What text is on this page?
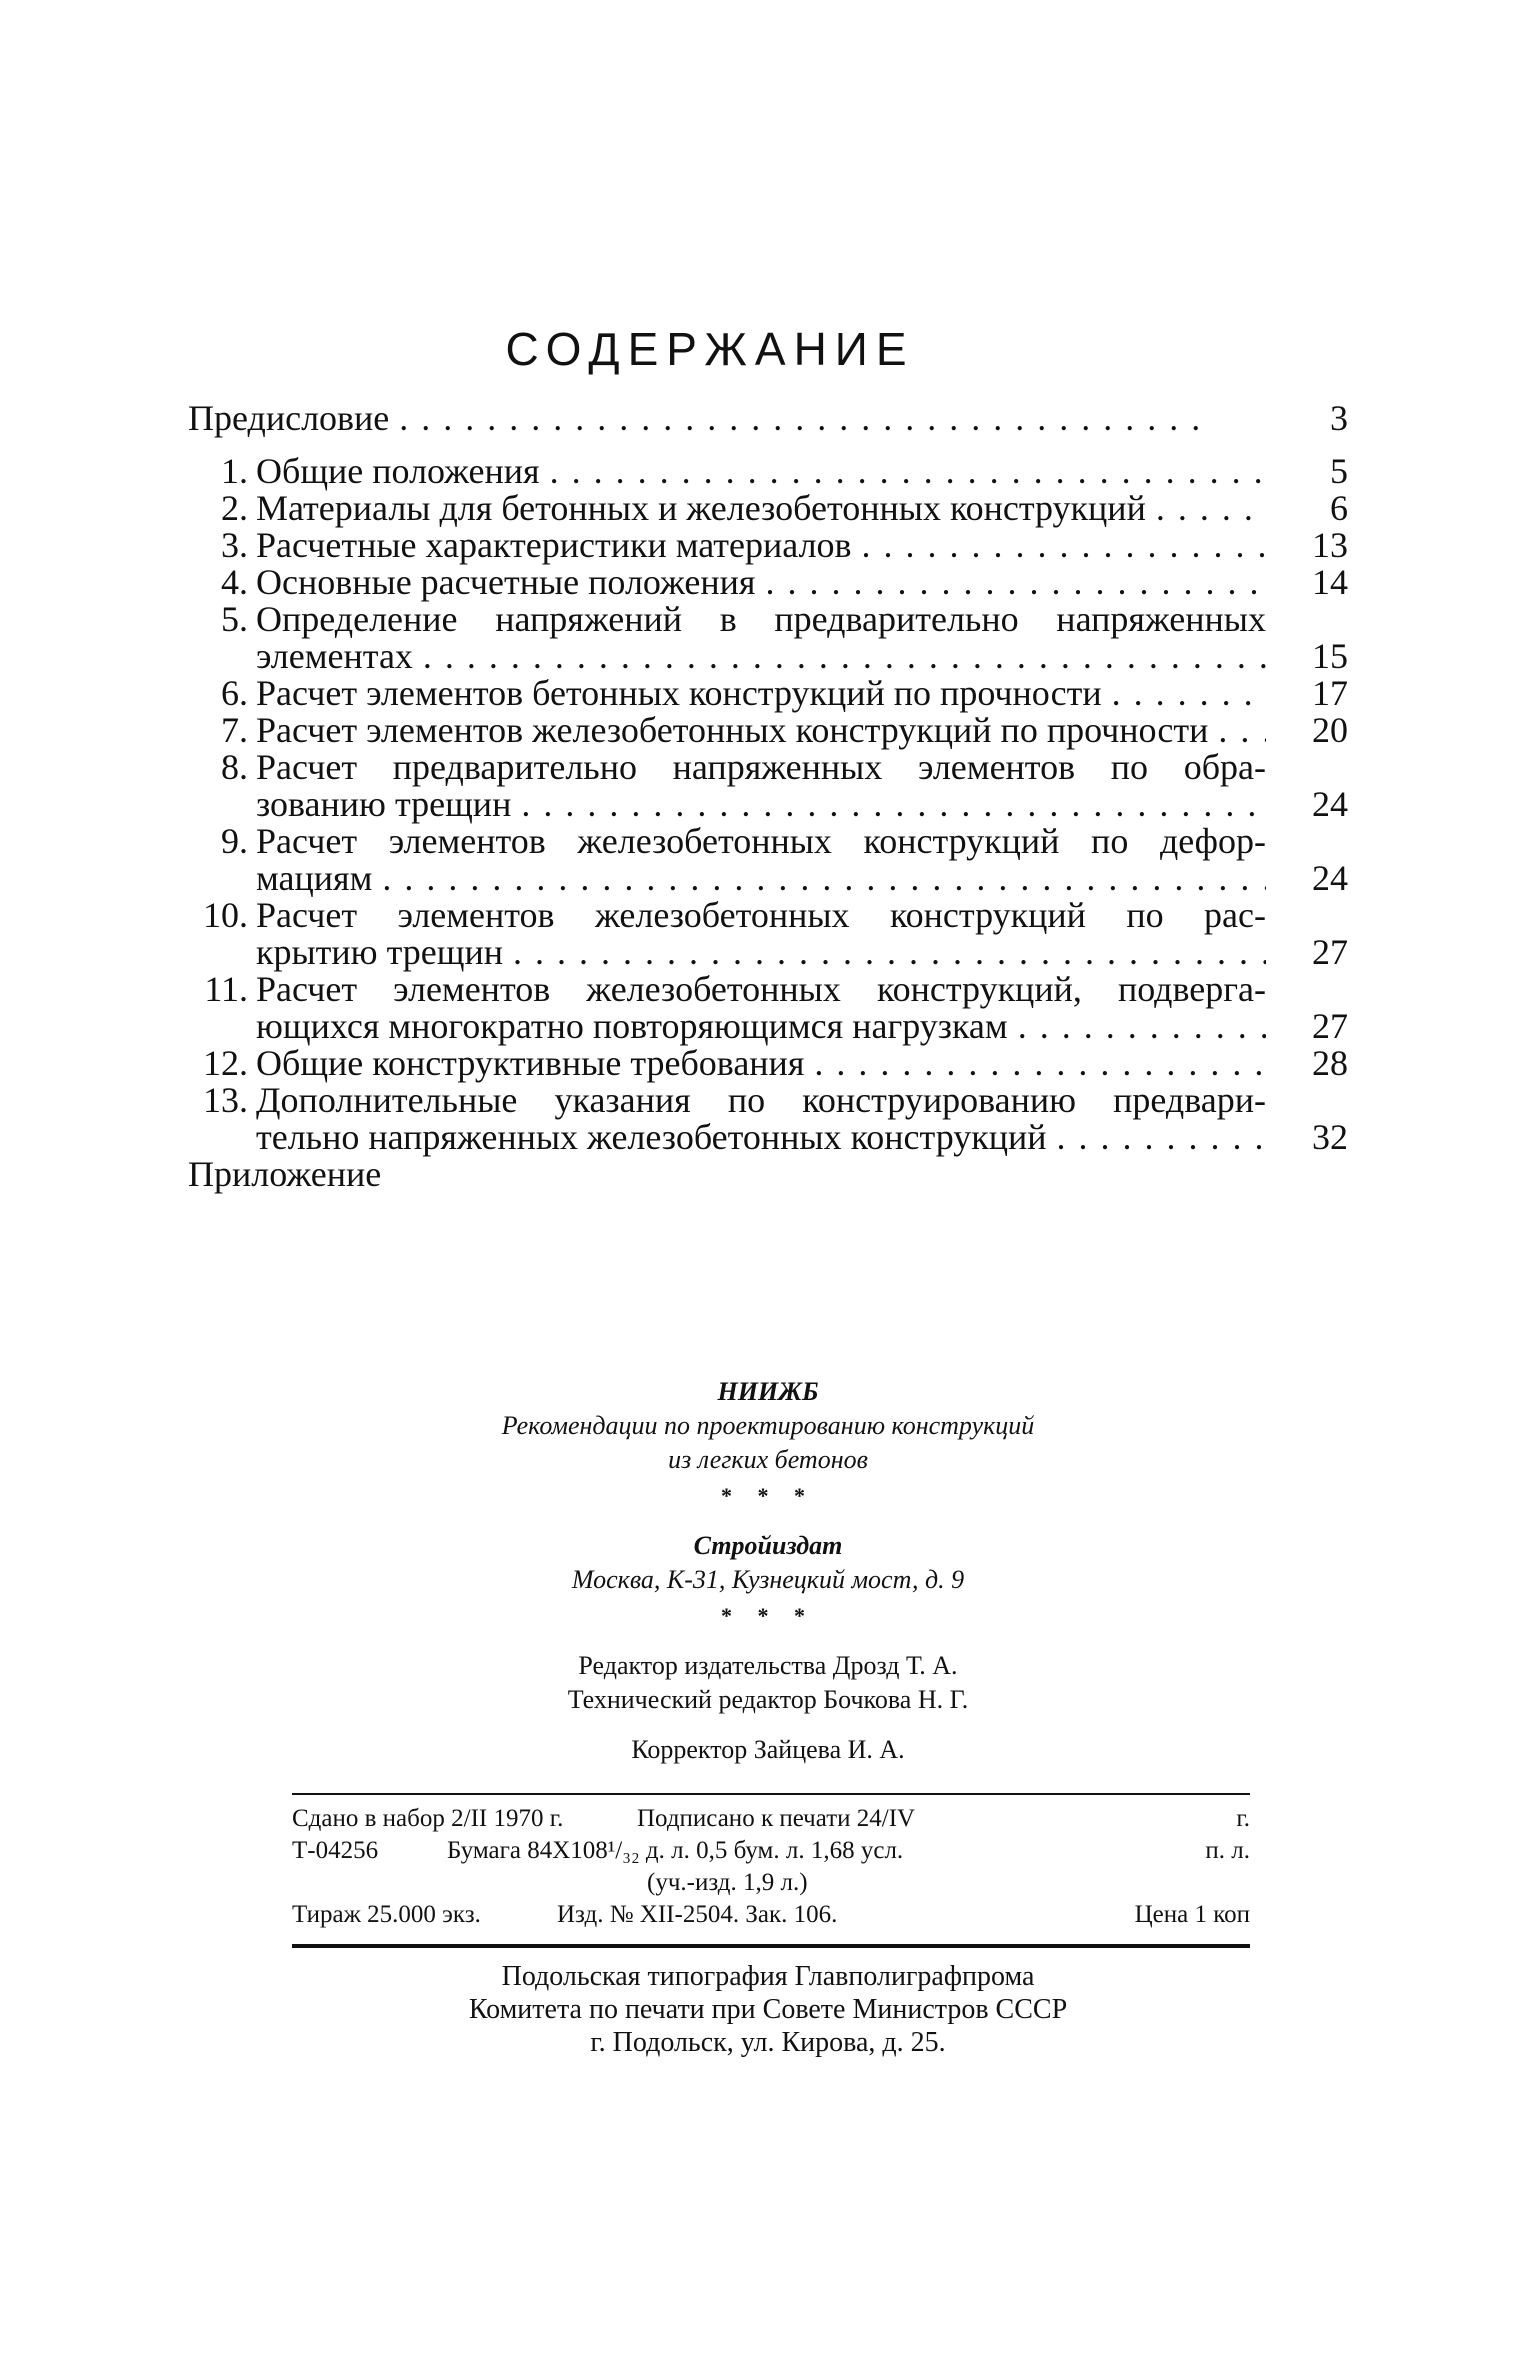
СОДЕРЖАНИЕ
Предисловие . . .	3
1. Общие положения . . .	5
2. Материалы для бетонных и железобетонных конструкций . . .	6
3. Расчетные характеристики материалов . . .	13
4. Основные расчетные положения . . .	14
5. Определение напряжений в предварительно напряженных
элементах . . .	15
6. Расчет элементов бетонных конструкций по прочности . . .	17
7. Расчет элементов железобетонных конструкций по прочности . . .	20
8. Расчет предварительно напряженных элементов по обра-
зованию трещин . . .	24
9. Расчет элементов железобетонных конструкций по дефор-
мациям . . .	24
10. Расчет элементов железобетонных конструкций по рас-
крытию трещин . . .	27
11. Расчет элементов железобетонных конструкций, подверга-
ющихся многократно повторяющимся нагрузкам . . .	27
12. Общие конструктивные требования . . .	28
13. Дополнительные указания по конструированию предвари-
тельно напряженных железобетонных конструкций . . .	32
Приложение
НИИЖБ
Рекомендации по проектированию конструкций
из легких бетонов
* * *
Стройиздат
Москва, К-31, Кузнецкий мост, д. 9
* * *
Редактор издательства Дрозд Т. А.
Технический редактор Бочкова Н. Г.
Корректор Зайцева И. А.
Сдано в набор 2/II 1970 г.	Подписано к печати 24/IV	г.
Т-04256	Бумага 84X108¹/₃₂ д. л. 0,5 бум. л. 1,68 усл.	п. л.
(уч.-изд. 1,9 л.)
Тираж 25.000 экз.	Изд. № XII-2504. Зак. 106.	Цена 1 коп
Подольская типография Главполиграфпрома
Комитета по печати при Совете Министров СССР
г. Подольск, ул. Кирова, д. 25.
